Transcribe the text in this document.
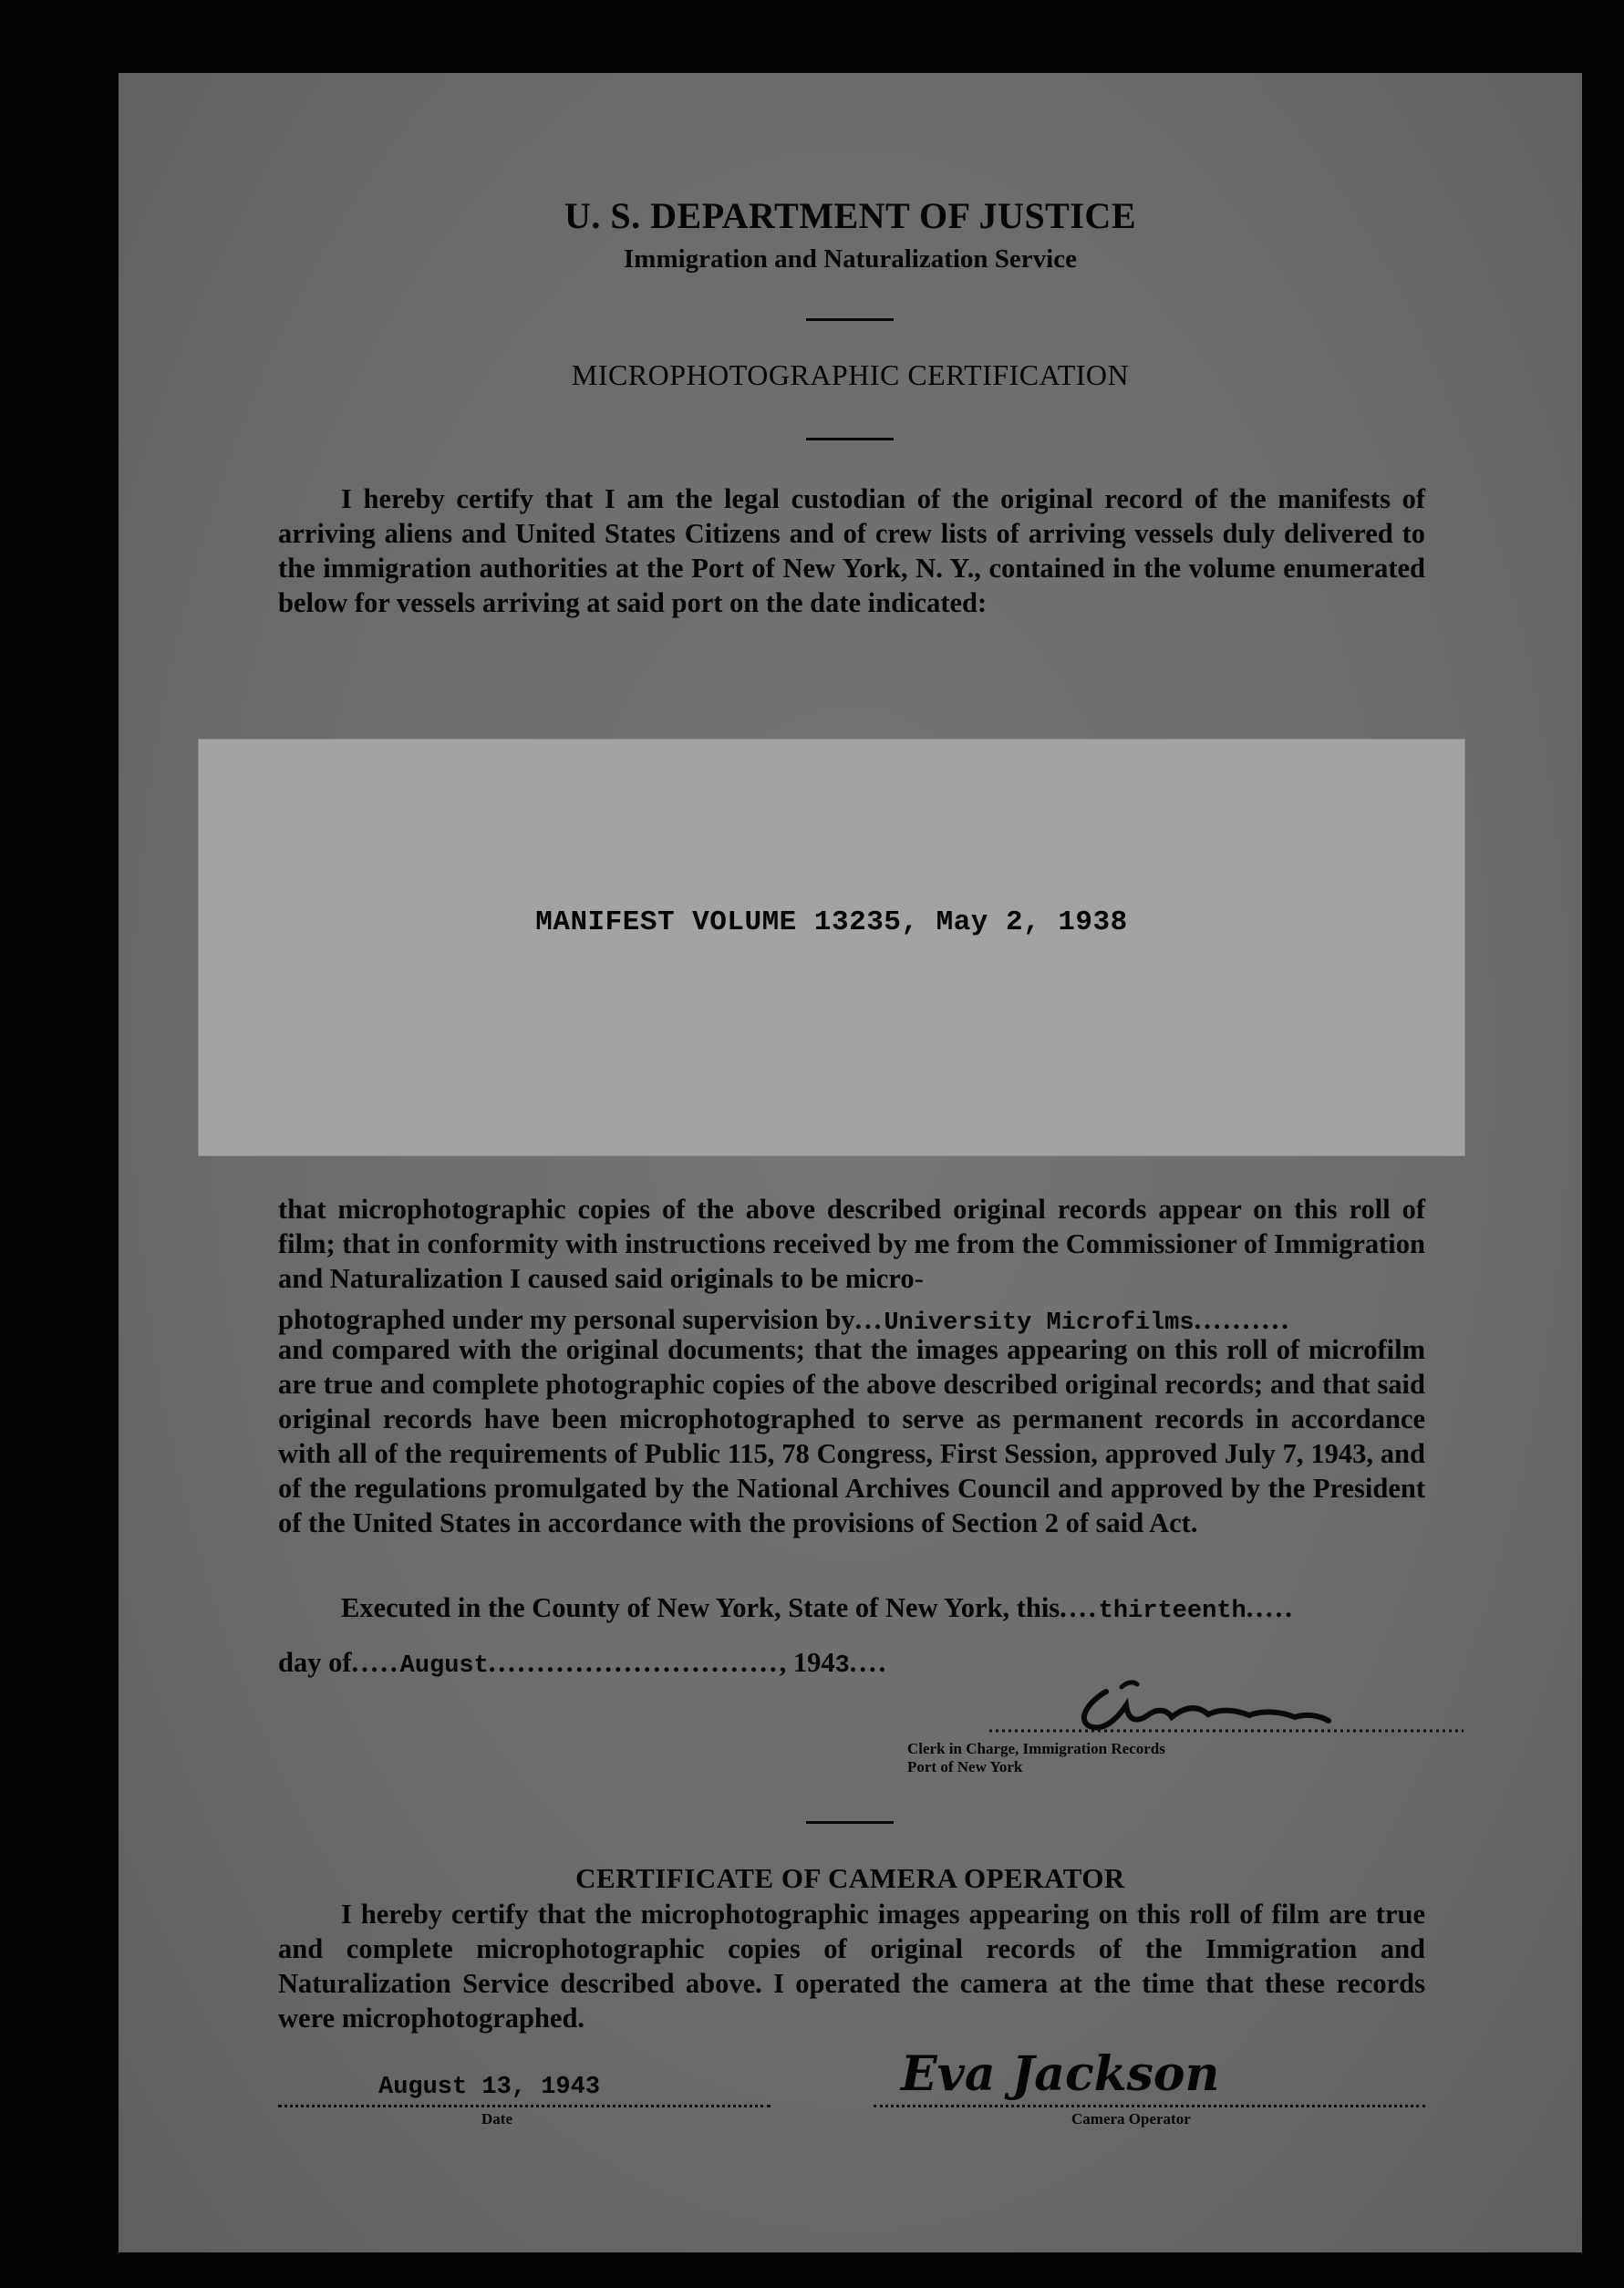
U. S. DEPARTMENT OF JUSTICE
Immigration and Naturalization Service
MICROPHOTOGRAPHIC CERTIFICATION
I hereby certify that I am the legal custodian of the original record of the manifests of arriving aliens and United States Citizens and of crew lists of arriving vessels duly delivered to the immigration authorities at the Port of New York, N. Y., contained in the volume enumerated below for vessels arriving at said port on the date indicated:
MANIFEST VOLUME 13235, May 2, 1938
that microphotographic copies of the above described original records appear on this roll of film; that in conformity with instructions received by me from the Commissioner of Immigration and Naturalization I caused said originals to be micro-
photographed under my personal supervision by...University Microfilms..........
and compared with the original documents; that the images appearing on this roll of microfilm are true and complete photographic copies of the above described original records; and that said original records have been microphotographed to serve as permanent records in accordance with all of the requirements of Public 115, 78 Congress, First Session, approved July 7, 1943, and of the regulations promulgated by the National Archives Council and approved by the President of the United States in accordance with the provisions of Section 2 of said Act.
Executed in the County of New York, State of New York, this....thirteenth.....
day of.....August.............................., 1943....
Clerk in Charge, Immigration Records
Port of New York
CERTIFICATE OF CAMERA OPERATOR
I hereby certify that the microphotographic images appearing on this roll of film are true and complete microphotographic copies of original records of the Immigration and Naturalization Service described above. I operated the camera at the time that these records were microphotographed.
August 13, 1943
Date
Eva Jackson
Camera Operator
